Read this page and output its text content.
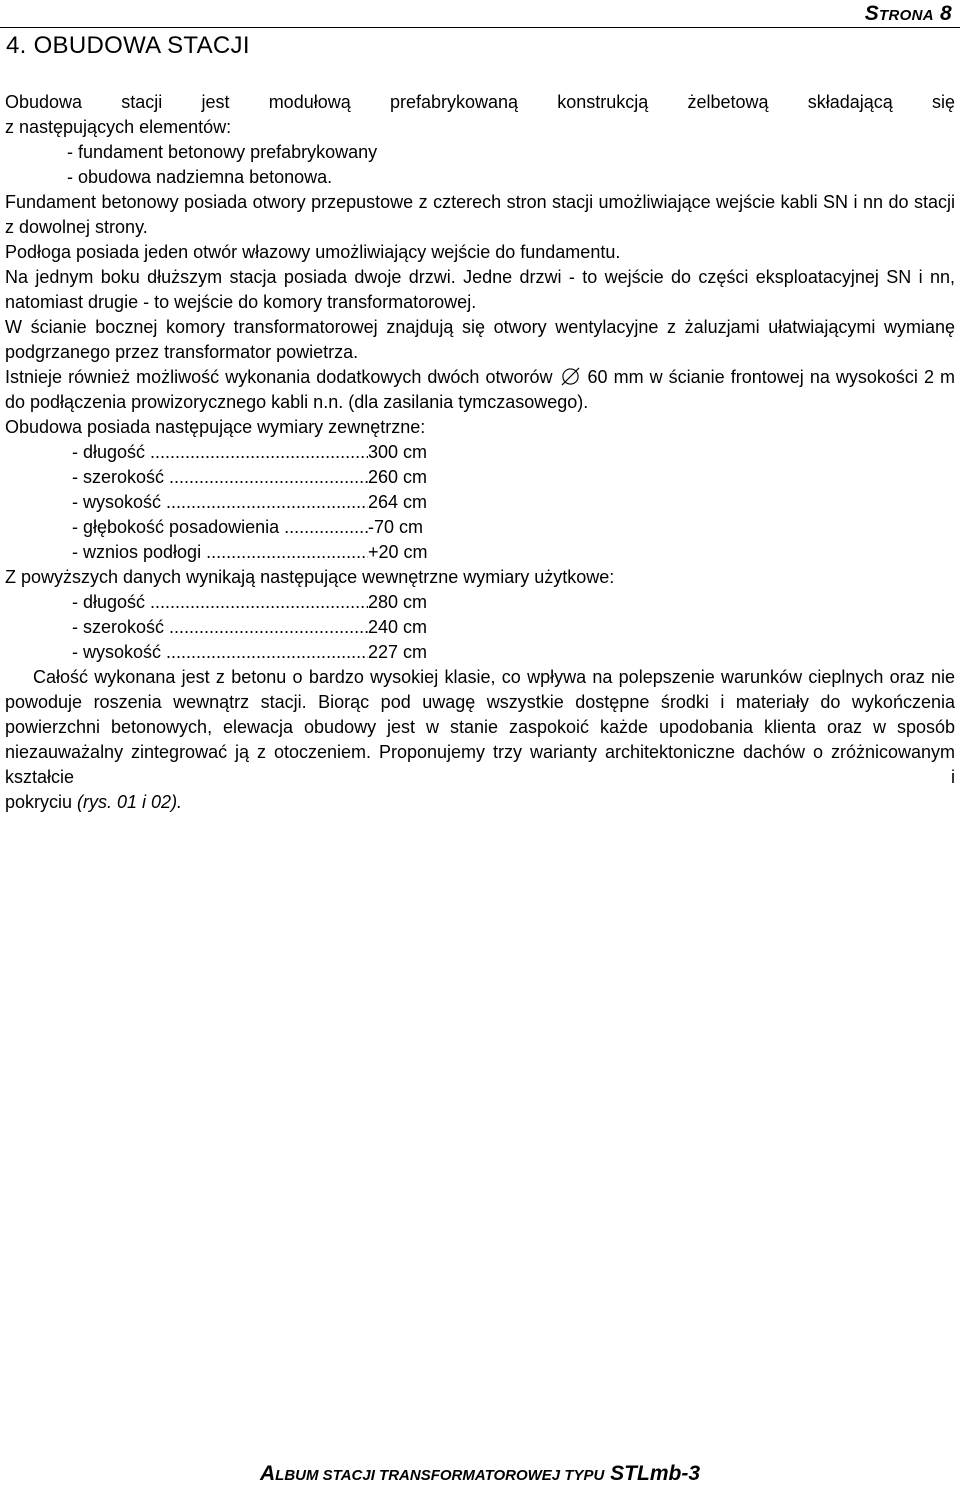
STRONA 8
4. OBUDOWA STACJI

Obudowa stacji jest modułową prefabrykowaną konstrukcją żelbetową składającą się

z następujących elementów:

- fundament betonowy prefabrykowany

- obudowa nadziemna betonowa.

Fundament betonowy posiada otwory przepustowe z czterech stron stacji umożliwiające wejście kabli SN i nn do stacji z dowolnej strony.

Podłoga posiada jeden otwór włazowy umożliwiający wejście do fundamentu.

Na jednym boku dłuższym stacja posiada dwoje drzwi. Jedne drzwi - to wejście do części eksploatacyjnej SN i nn, natomiast drugie - to wejście do komory transformatorowej.

W ścianie bocznej komory transformatorowej znajdują się otwory wentylacyjne z żaluzjami ułatwiającymi wymianę podgrzanego przez transformator powietrza.

Istnieje również możliwość wykonania dodatkowych dwóch otworów 60 mm w ścianie frontowej na wysokości 2 m do podłączenia prowizorycznego kabli n.n. (dla zasilania tymczasowego).

Obudowa posiada następujące wymiary zewnętrzne:

- długość .....	300 cm
- szerokość .....	260 cm
- wysokość .....	264 cm
- głębokość posadowienia .....	-70 cm
- wznios podłogi .....	+20 cm

Z powyższych danych wynikają następujące wewnętrzne wymiary użytkowe:

- długość .....	280 cm
- szerokość .....	240 cm
- wysokość .....	227 cm

Całość wykonana jest z betonu o bardzo wysokiej klasie, co wpływa na polepszenie warunków cieplnych oraz nie powoduje roszenia wewnątrz stacji. Biorąc pod uwagę wszystkie dostępne środki i materiały do wykończenia powierzchni betonowych, elewacja obudowy jest w stanie zaspokoić każde upodobania klienta oraz w sposób niezauważalny zintegrować ją z otoczeniem. Proponujemy trzy warianty architektoniczne dachów o zróżnicowanym kształcie i

pokryciu (rys. 01 i 02).

ALBUM STACJI TRANSFORMATOROWEJ TYPU STLmb-3
